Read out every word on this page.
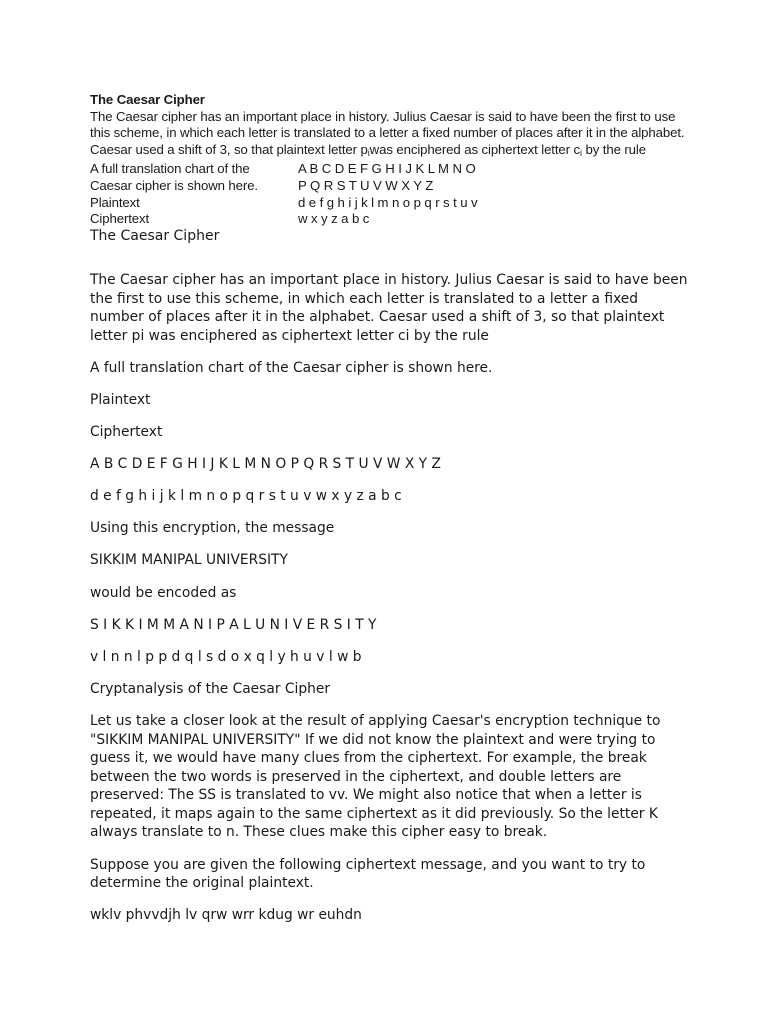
The Caesar Cipher
The Caesar cipher has an important place in history. Julius Caesar is said to have been the first to use this scheme, in which each letter is translated to a letter a fixed number of places after it in the alphabet. Caesar used a shift of 3, so that plaintext letter $p_iwas$ enciphered as ciphertext letter $c_i$ by the rule
A full translation chart of the	A B C D E F G H I J K L M N O
Caesar cipher is shown here.	P Q R S T U V W X Y Z
Plaintext	d e f g h i j k l m n o p q r s t u v
Ciphertext	w x y z a b c
The Caesar Cipher

The Caesar cipher has an important place in history. Julius Caesar is said to have been the first to use this scheme, in which each letter is translated to a letter a fixed number of places after it in the alphabet. Caesar used a shift of 3, so that plaintext letter pi was enciphered as ciphertext letter ci by the rule

A full translation chart of the Caesar cipher is shown here.

Plaintext

Ciphertext

A B C D E F G H I J K L M N O P Q R S T U V W X Y Z

d e f g h i j k l m n o p q r s t u v w x y z a b c

Using this encryption, the message

SIKKIM MANIPAL UNIVERSITY

would be encoded as

S I K K I M M A N I P A L U N I V E R S I T Y

v l n n l p p d q l s d o x q l y h u v l w b

Cryptanalysis of the Caesar Cipher

Let us take a closer look at the result of applying Caesar's encryption technique to "SIKKIM MANIPAL UNIVERSITY" If we did not know the plaintext and were trying to guess it, we would have many clues from the ciphertext. For example, the break between the two words is preserved in the ciphertext, and double letters are preserved: The SS is translated to vv. We might also notice that when a letter is repeated, it maps again to the same ciphertext as it did previously. So the letter K always translate to n. These clues make this cipher easy to break.

Suppose you are given the following ciphertext message, and you want to try to determine the original plaintext.

wklv phvvdjh lv qrw wrr kdug wr euhdn
